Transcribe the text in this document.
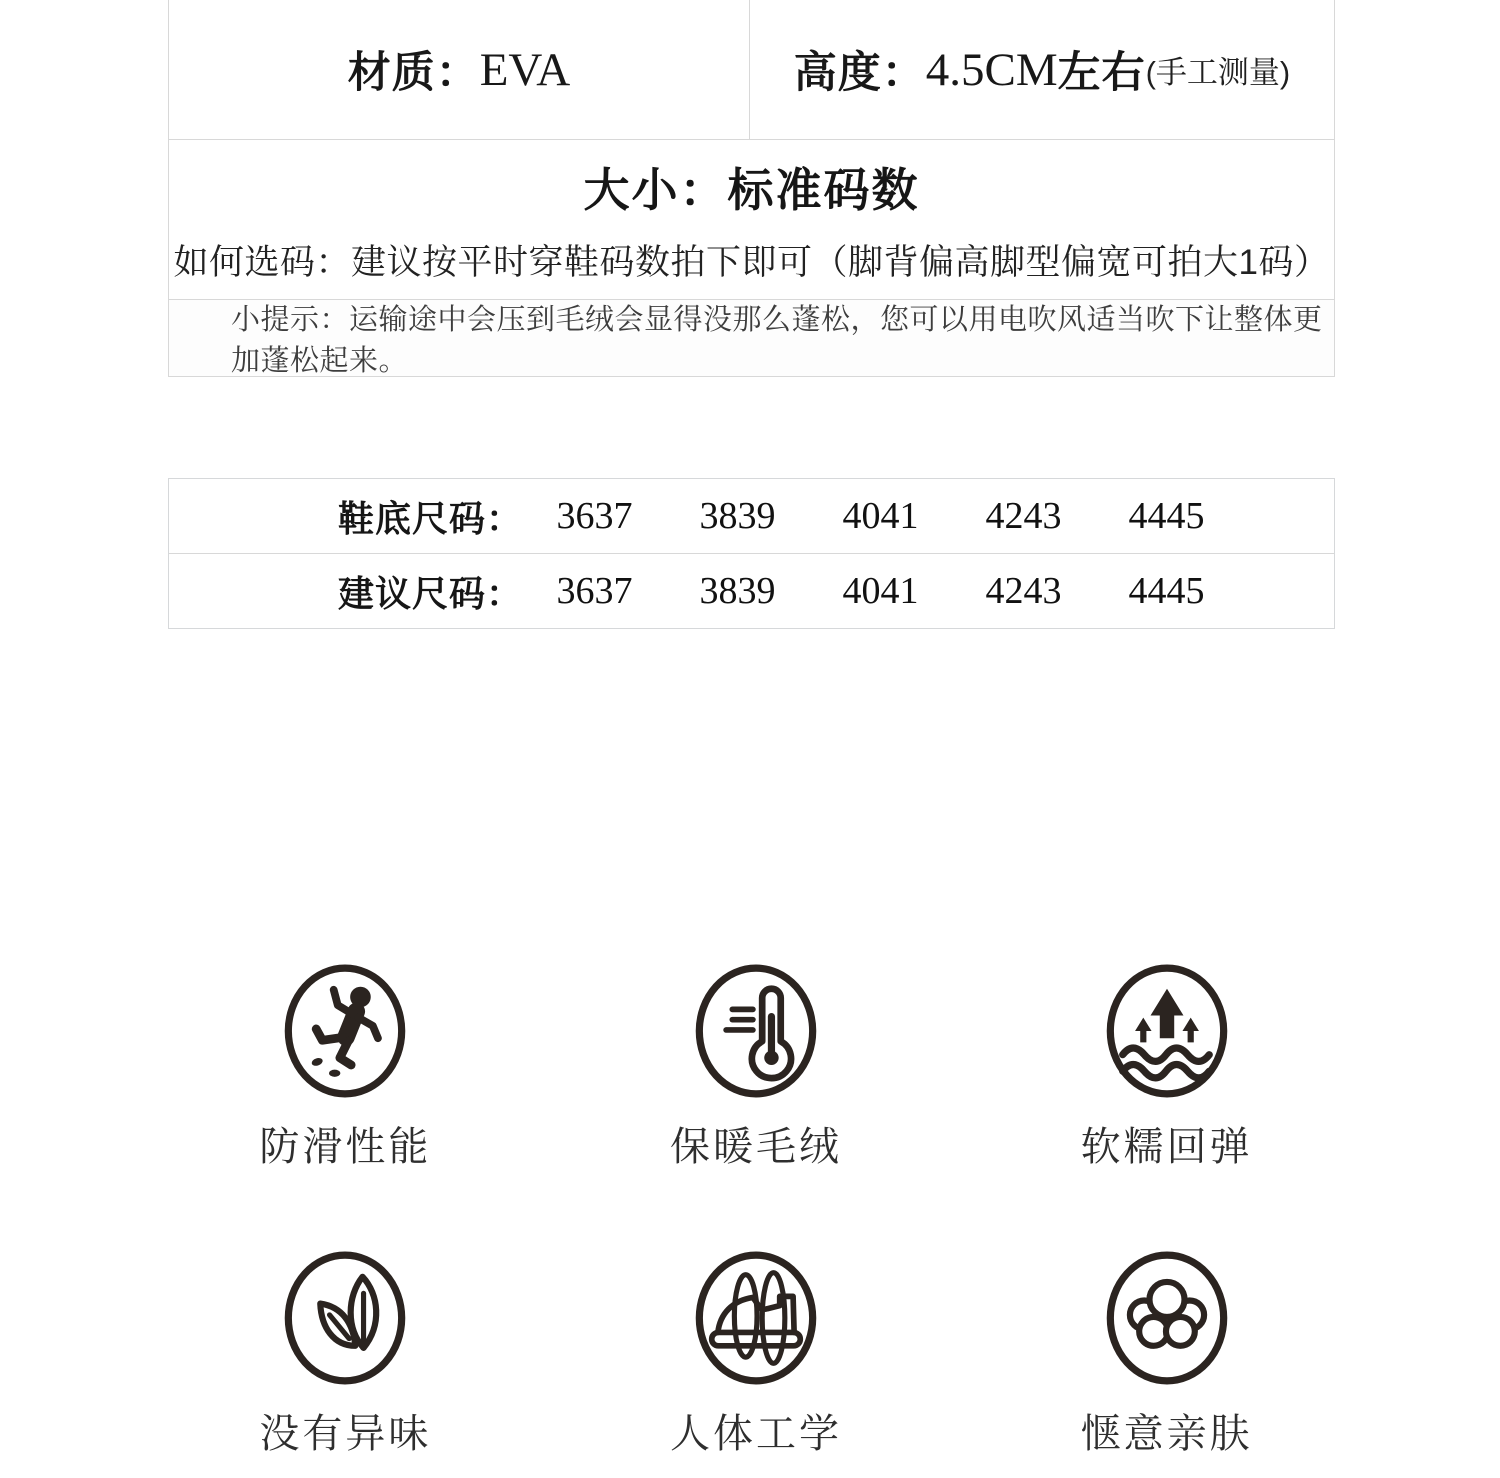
材质： EVA	高度： 4.5CM 左右 (手工测量)
大小：标准码数
如何选码：建议按平时穿鞋码数拍下即可（脚背偏高脚型偏宽可拍大1码）
小提示：运输途中会压到毛绒会显得没那么蓬松，您可以用电吹风适当吹下让整体更加蓬松起来。
鞋底尺码： 3637	3839	4041	4243	4445
建议尺码： 3637	3839	4041	4243	4445
防滑性能	保暖毛绒	软糯回弹
没有异味	人体工学	惬意亲肤
